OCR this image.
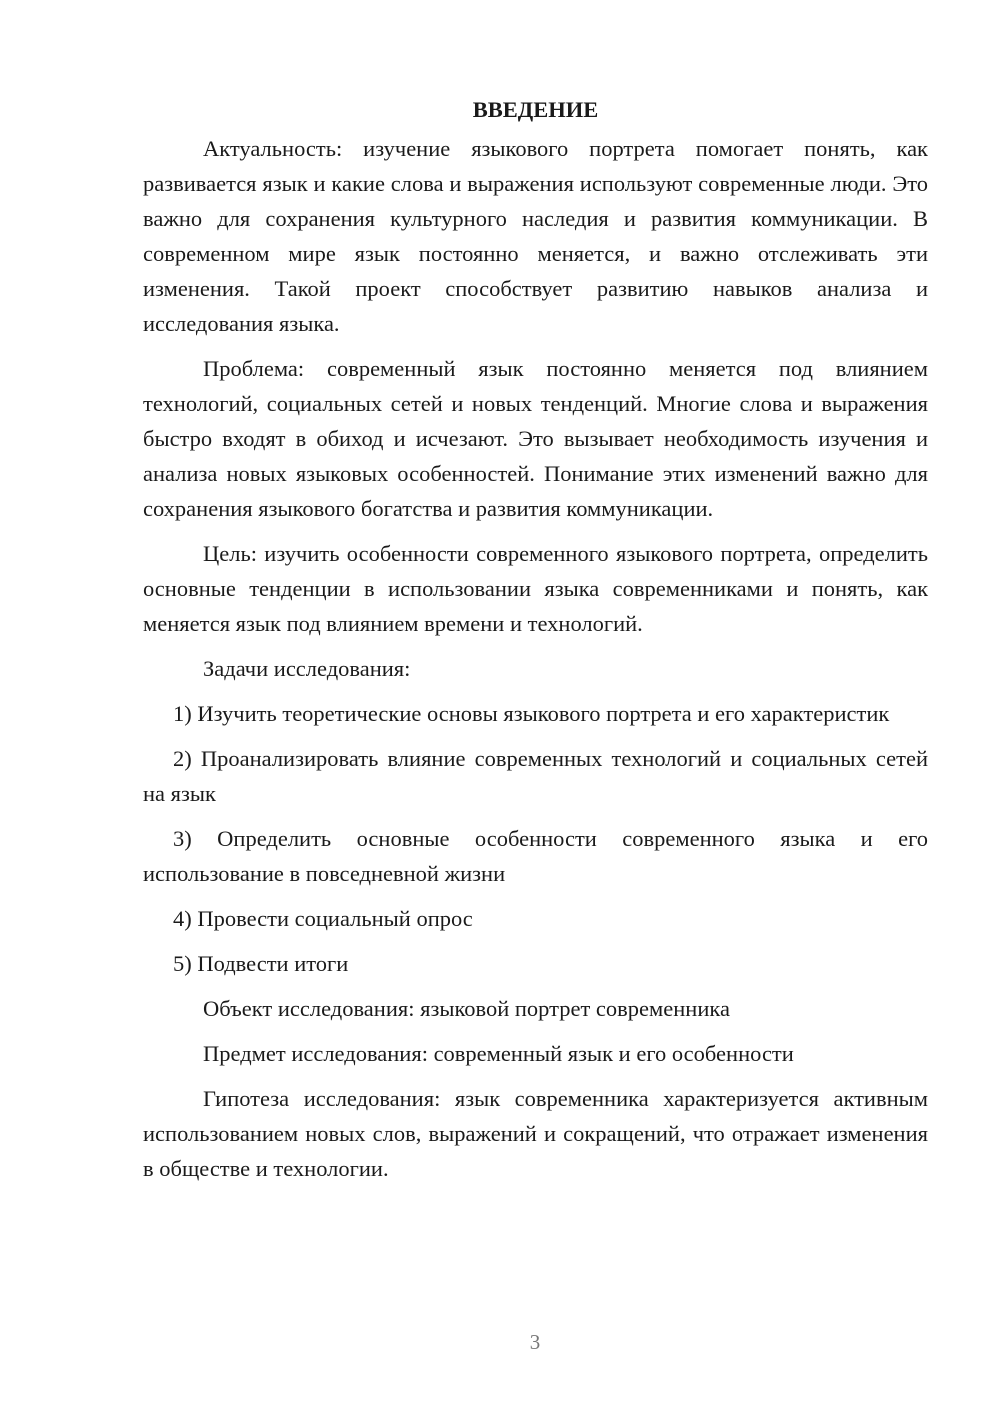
ВВЕДЕНИЕ

Актуальность: изучение языкового портрета помогает понять, как развивается язык и какие слова и выражения используют современные люди. Это важно для сохранения культурного наследия и развития коммуникации. В современном мире язык постоянно меняется, и важно отслеживать эти изменения. Такой проект способствует развитию навыков анализа и исследования языка.

Проблема: современный язык постоянно меняется под влиянием технологий, социальных сетей и новых тенденций. Многие слова и выражения быстро входят в обиход и исчезают. Это вызывает необходимость изучения и анализа новых языковых особенностей. Понимание этих изменений важно для сохранения языкового богатства и развития коммуникации.

Цель: изучить особенности современного языкового портрета, определить основные тенденции в использовании языка современниками и понять, как меняется язык под влиянием времени и технологий.

Задачи исследования:

1) Изучить теоретические основы языкового портрета и его характеристик

2) Проанализировать влияние современных технологий и социальных сетей на язык

3) Определить основные особенности современного языка и его использование в повседневной жизни

4) Провести социальный опрос

5) Подвести итоги

Объект исследования: языковой портрет современника

Предмет исследования: современный язык и его особенности

Гипотеза исследования: язык современника характеризуется активным использованием новых слов, выражений и сокращений, что отражает изменения в обществе и технологии.

3
